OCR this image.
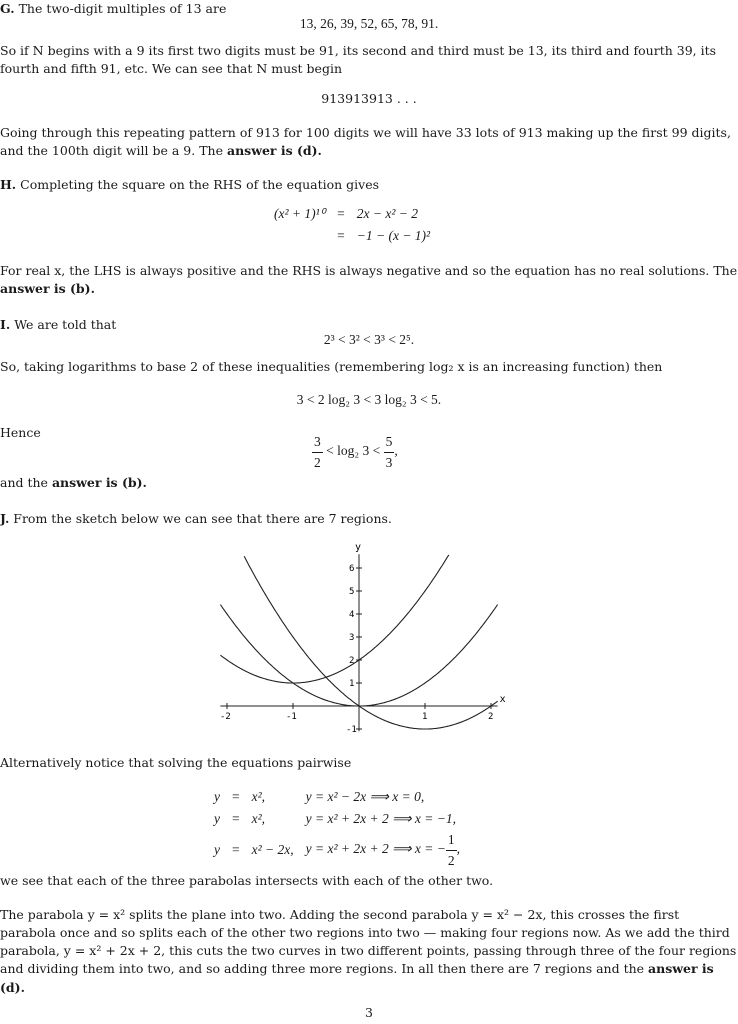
G. The two-digit multiples of 13 are
13, 26, 39, 52, 65, 78, 91.
So if N begins with a 9 its first two digits must be 91, its second and third must be 13, its third and fourth 39, its fourth and fifth 91, etc. We can see that N must begin
913913913 . . .
Going through this repeating pattern of 913 for 100 digits we will have 33 lots of 913 making up the first 99 digits, and the 100th digit will be a 9. The answer is (d).
H. Completing the square on the RHS of the equation gives
(x² + 1)¹⁰	=	2x − x² − 2
	=	−1 − (x − 1)²
For real x, the LHS is always positive and the RHS is always negative and so the equation has no real solutions. The answer is (b).
I. We are told that
2³ < 3² < 3³ < 2⁵.
So, taking logarithms to base 2 of these inequalities (remembering log₂ x is an increasing function) then
3 < 2 log₂ 3 < 3 log₂ 3 < 5.
Hence	$\frac{3}{2} < \log_2$ $3 < \frac{5}{3}$ ,
and the answer is (b).
J. From the sketch below we can see that there are 7 regions.
x
y
-2	-1	1	2
-1
1
2
3
4
5
6
Alternatively notice that solving the equations pairwise
y	=	x²,	y = x² − 2x ⟹ x = 0,
y	=	x²,	y = x² + 2x + 2 ⟹ x = −1,
y	=	x² − 2x,	y = x² + 2x + 2 ⟹ x = − $\frac{1}{2}$ ,
we see that each of the three parabolas intersects with each of the other two.
The parabola y = x² splits the plane into two. Adding the second parabola y = x² − 2x, this crosses the first parabola once and so splits each of the other two regions into two — making four regions now. As we add the third parabola, y = x² + 2x + 2, this cuts the two curves in two different points, passing through three of the four regions and dividing them into two, and so adding three more regions. In all then there are 7 regions and the answer is (d).
3
